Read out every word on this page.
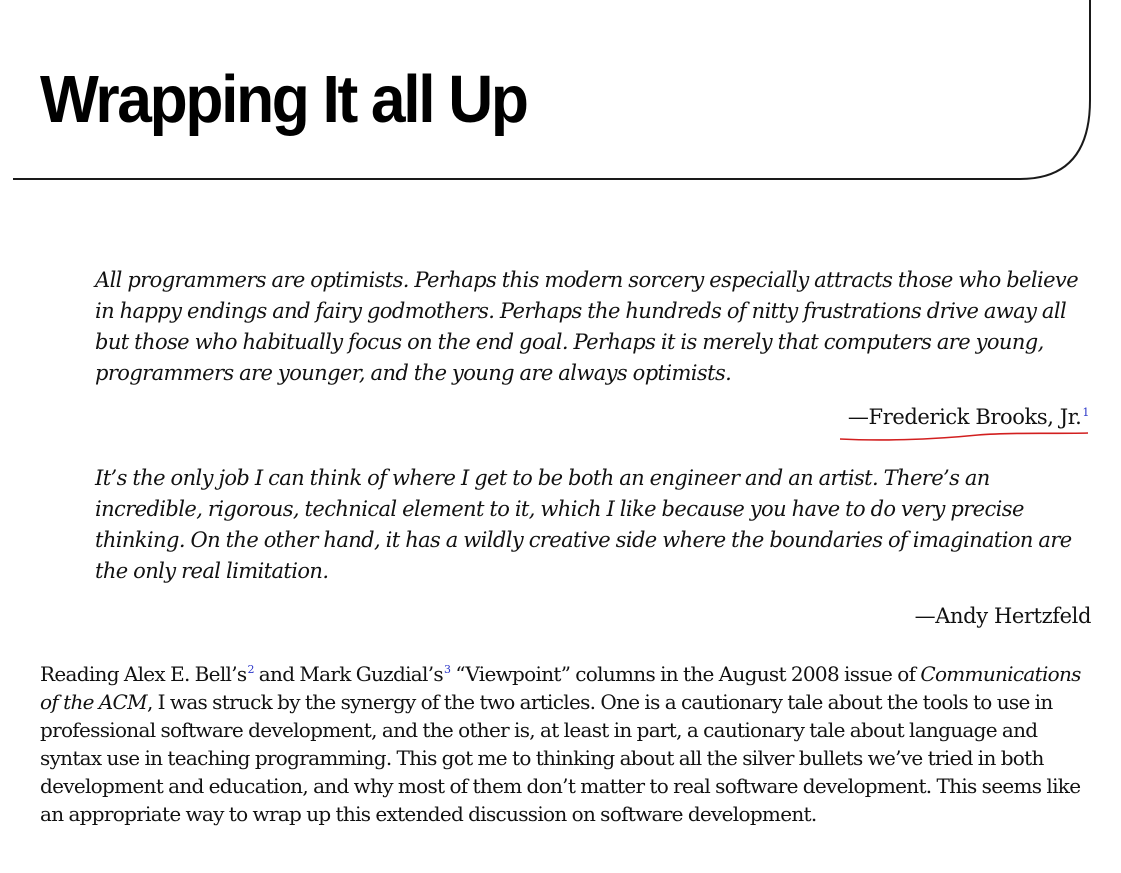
Wrapping It all Up

All programmers are optimists. Perhaps this modern sorcery especially attracts those who believe in happy endings and fairy godmothers. Perhaps the hundreds of nitty frustrations drive away all but those who habitually focus on the end goal. Perhaps it is merely that computers are young, programmers are younger, and the young are always optimists.

—Frederick Brooks, Jr.$^1$

It’s the only job I can think of where I get to be both an engineer and an artist. There’s an incredible, rigorous, technical element to it, which I like because you have to do very precise thinking. On the other hand, it has a wildly creative side where the boundaries of imagination are the only real limitation.

—Andy Hertzfeld

Reading Alex E. Bell’s$^2$ and Mark Guzdial’s$^3$ “Viewpoint” columns in the August 2008 issue of Communications of the ACM, I was struck by the synergy of the two articles. One is a cautionary tale about the tools to use in professional software development, and the other is, at least in part, a cautionary tale about language and syntax use in teaching programming. This got me to thinking about all the silver bullets we’ve tried in both development and education, and why most of them don’t matter to real software development. This seems like an appropriate way to wrap up this extended discussion on software development.
